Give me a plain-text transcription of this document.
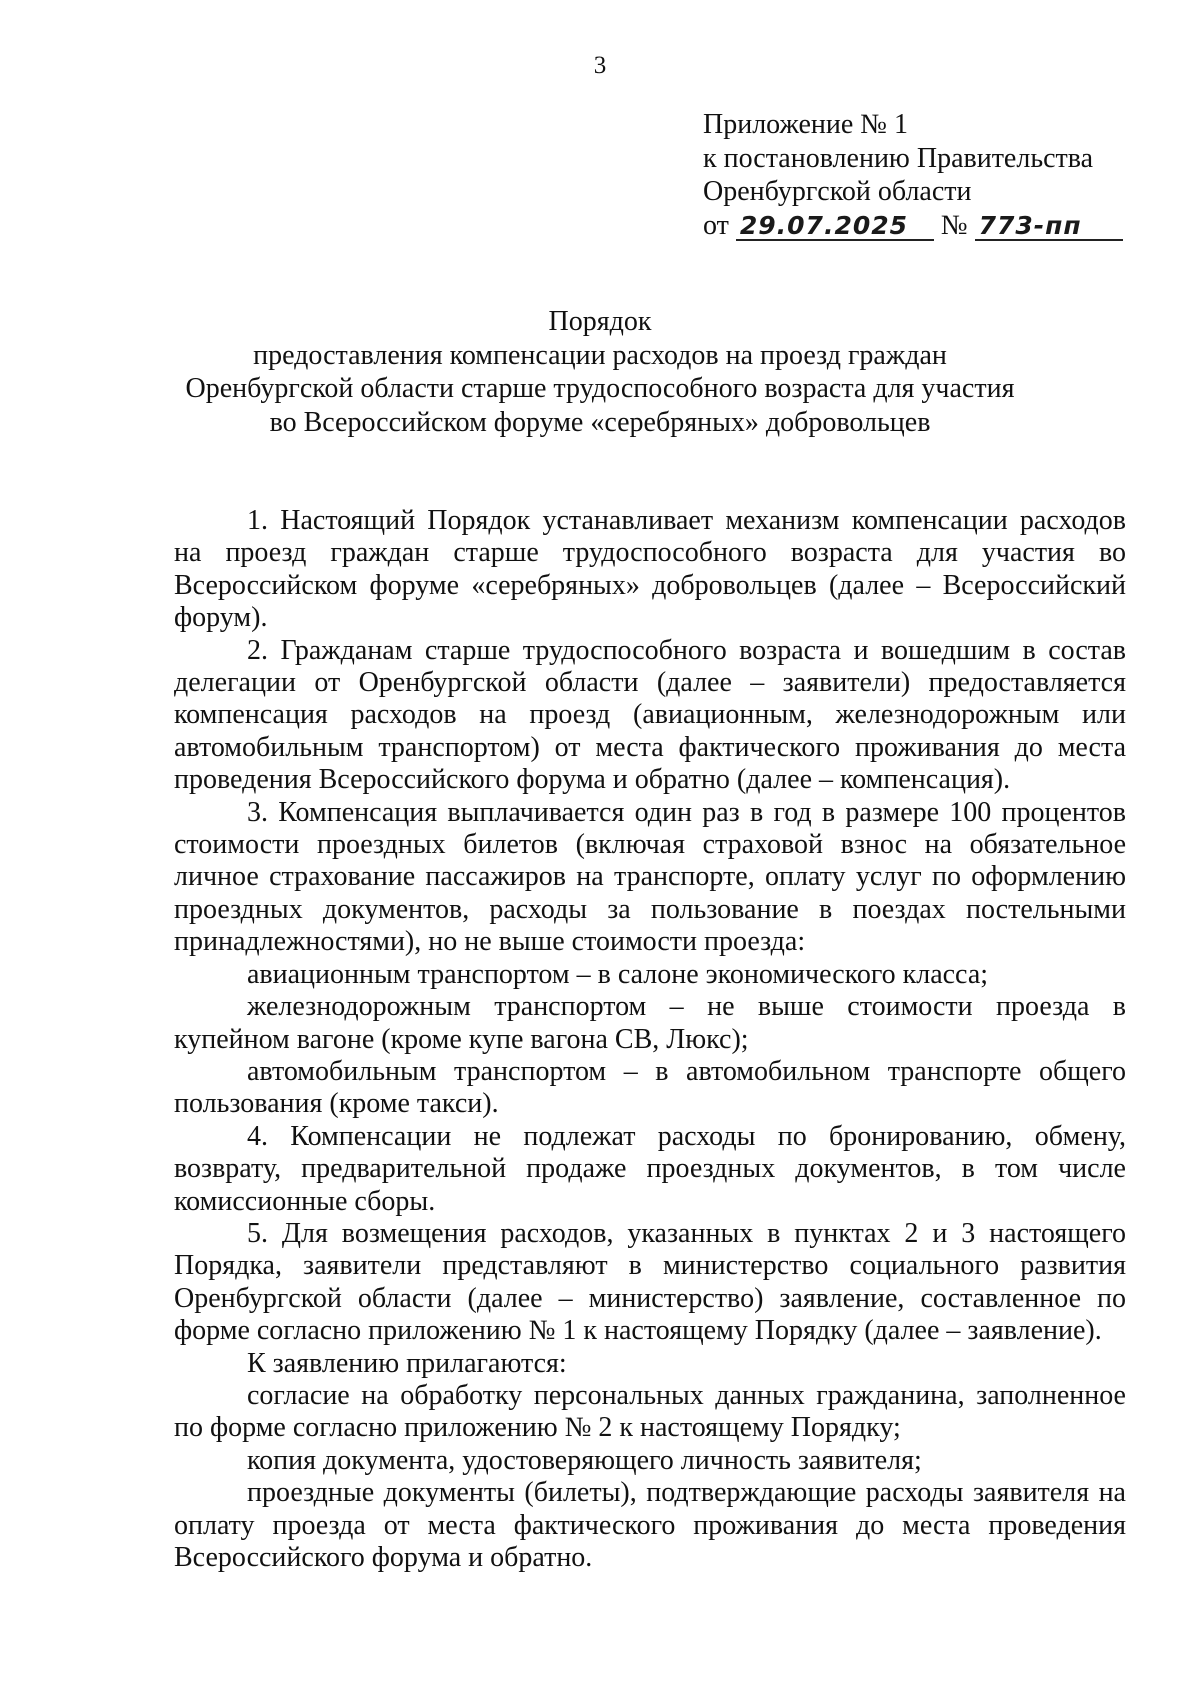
3
Приложение № 1
к постановлению Правительства
Оренбургской области
от 29.07.2025 № 773-пп
Порядок
предоставления компенсации расходов на проезд граждан
Оренбургской области старше трудоспособного возраста для участия
во Всероссийском форуме «серебряных» добровольцев

1. Настоящий Порядок устанавливает механизм компенсации расходов на проезд граждан старше трудоспособного возраста для участия во Всероссийском форуме «серебряных» добровольцев (далее – Всероссийский форум).

2. Гражданам старше трудоспособного возраста и вошедшим в состав делегации от Оренбургской области (далее – заявители) предоставляется компенсация расходов на проезд (авиационным, железнодорожным или автомобильным транспортом) от места фактического проживания до места проведения Всероссийского форума и обратно (далее – компенсация).

3. Компенсация выплачивается один раз в год в размере 100 процентов стоимости проездных билетов (включая страховой взнос на обязательное личное страхование пассажиров на транспорте, оплату услуг по оформлению проездных документов, расходы за пользование в поездах постельными принадлежностями), но не выше стоимости проезда:

авиационным транспортом – в салоне экономического класса;

железнодорожным транспортом – не выше стоимости проезда в купейном вагоне (кроме купе вагона СВ, Люкс);

автомобильным транспортом – в автомобильном транспорте общего пользования (кроме такси).

4. Компенсации не подлежат расходы по бронированию, обмену, возврату, предварительной продаже проездных документов, в том числе комиссионные сборы.

5. Для возмещения расходов, указанных в пунктах 2 и 3 настоящего Порядка, заявители представляют в министерство социального развития Оренбургской области (далее – министерство) заявление, составленное по форме согласно приложению № 1 к настоящему Порядку (далее – заявление).

К заявлению прилагаются:

согласие на обработку персональных данных гражданина, заполненное по форме согласно приложению № 2 к настоящему Порядку;

копия документа, удостоверяющего личность заявителя;

проездные документы (билеты), подтверждающие расходы заявителя на оплату проезда от места фактического проживания до места проведения Всероссийского форума и обратно.
